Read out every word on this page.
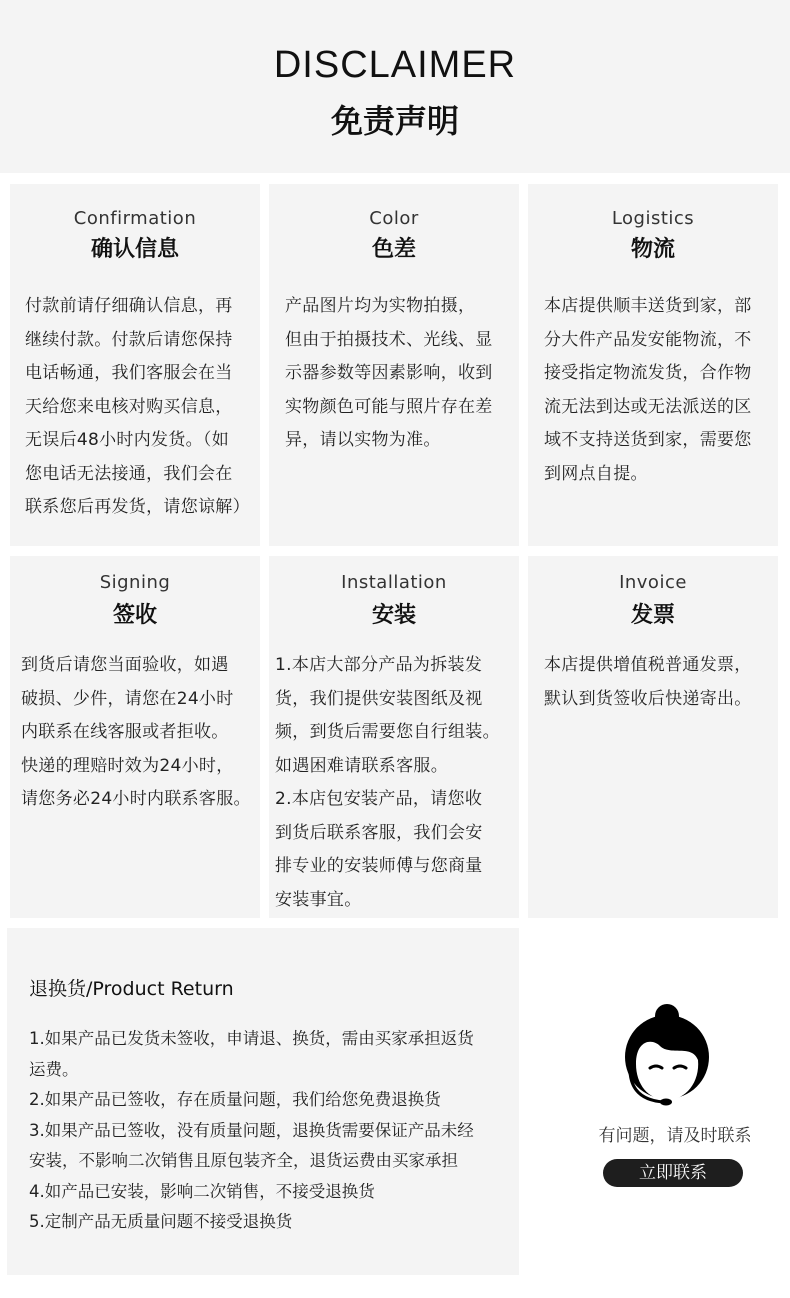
DISCLAIMER
免责声明
Confirmation
确认信息
付款前请仔细确认信息，再
继续付款。付款后请您保持
电话畅通，我们客服会在当
天给您来电核对购买信息，
无误后48小时内发货。（如
您电话无法接通，我们会在
联系您后再发货，请您谅解）
Color
色差
产品图片均为实物拍摄，
但由于拍摄技术、光线、显
示器参数等因素影响，收到
实物颜色可能与照片存在差
异，请以实物为准。
Logistics
物流
本店提供顺丰送货到家，部
分大件产品发安能物流，不
接受指定物流发货，合作物
流无法到达或无法派送的区
域不支持送货到家，需要您
到网点自提。
Signing
签收
到货后请您当面验收，如遇
破损、少件，请您在24小时
内联系在线客服或者拒收。
快递的理赔时效为24小时，
请您务必24小时内联系客服。
Installation
安装
1.本店大部分产品为拆装发
货，我们提供安装图纸及视
频，到货后需要您自行组装。
如遇困难请联系客服。
2.本店包安装产品，请您收
到货后联系客服，我们会安
排专业的安装师傅与您商量
安装事宜。
Invoice
发票
本店提供增值税普通发票，
默认到货签收后快递寄出。
退换货/Product Return
1.如果产品已发货未签收，申请退、换货，需由买家承担返货
运费。
2.如果产品已签收，存在质量问题，我们给您免费退换货
3.如果产品已签收，没有质量问题，退换货需要保证产品未经
安装，不影响二次销售且原包装齐全，退货运费由买家承担
4.如产品已安装，影响二次销售，不接受退换货
5.定制产品无质量问题不接受退换货
有问题，请及时联系
立即联系
